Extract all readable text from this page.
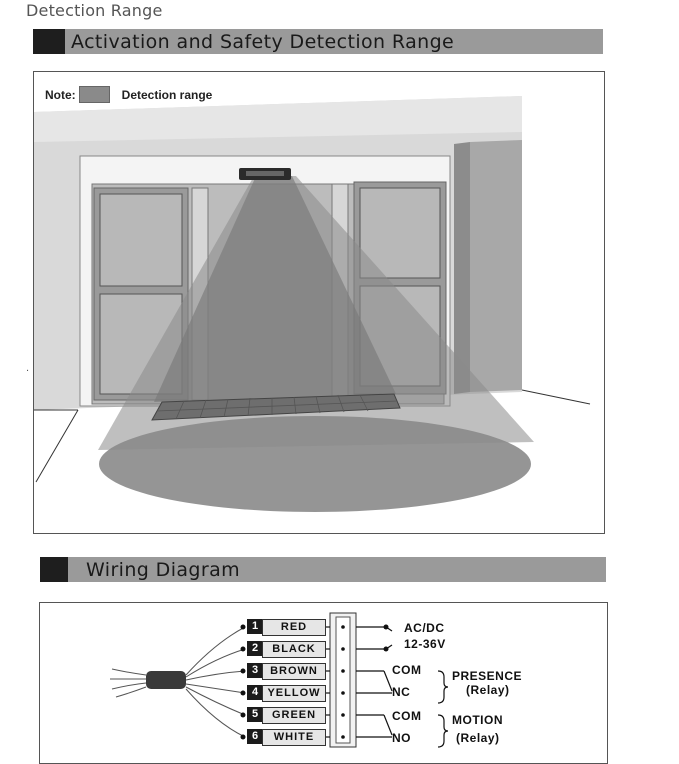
Detection Range
Activation and Safety Detection Range
Note:	Detection range
.
Wiring Diagram
1	RED
2	BLACK
3	BROWN
4 YELLOW
5	GREEN
6	WHITE
AC/DC
12-36V
COM
NC
PRESENCE
(Relay)
COM
NO
MOTION
(Relay)
